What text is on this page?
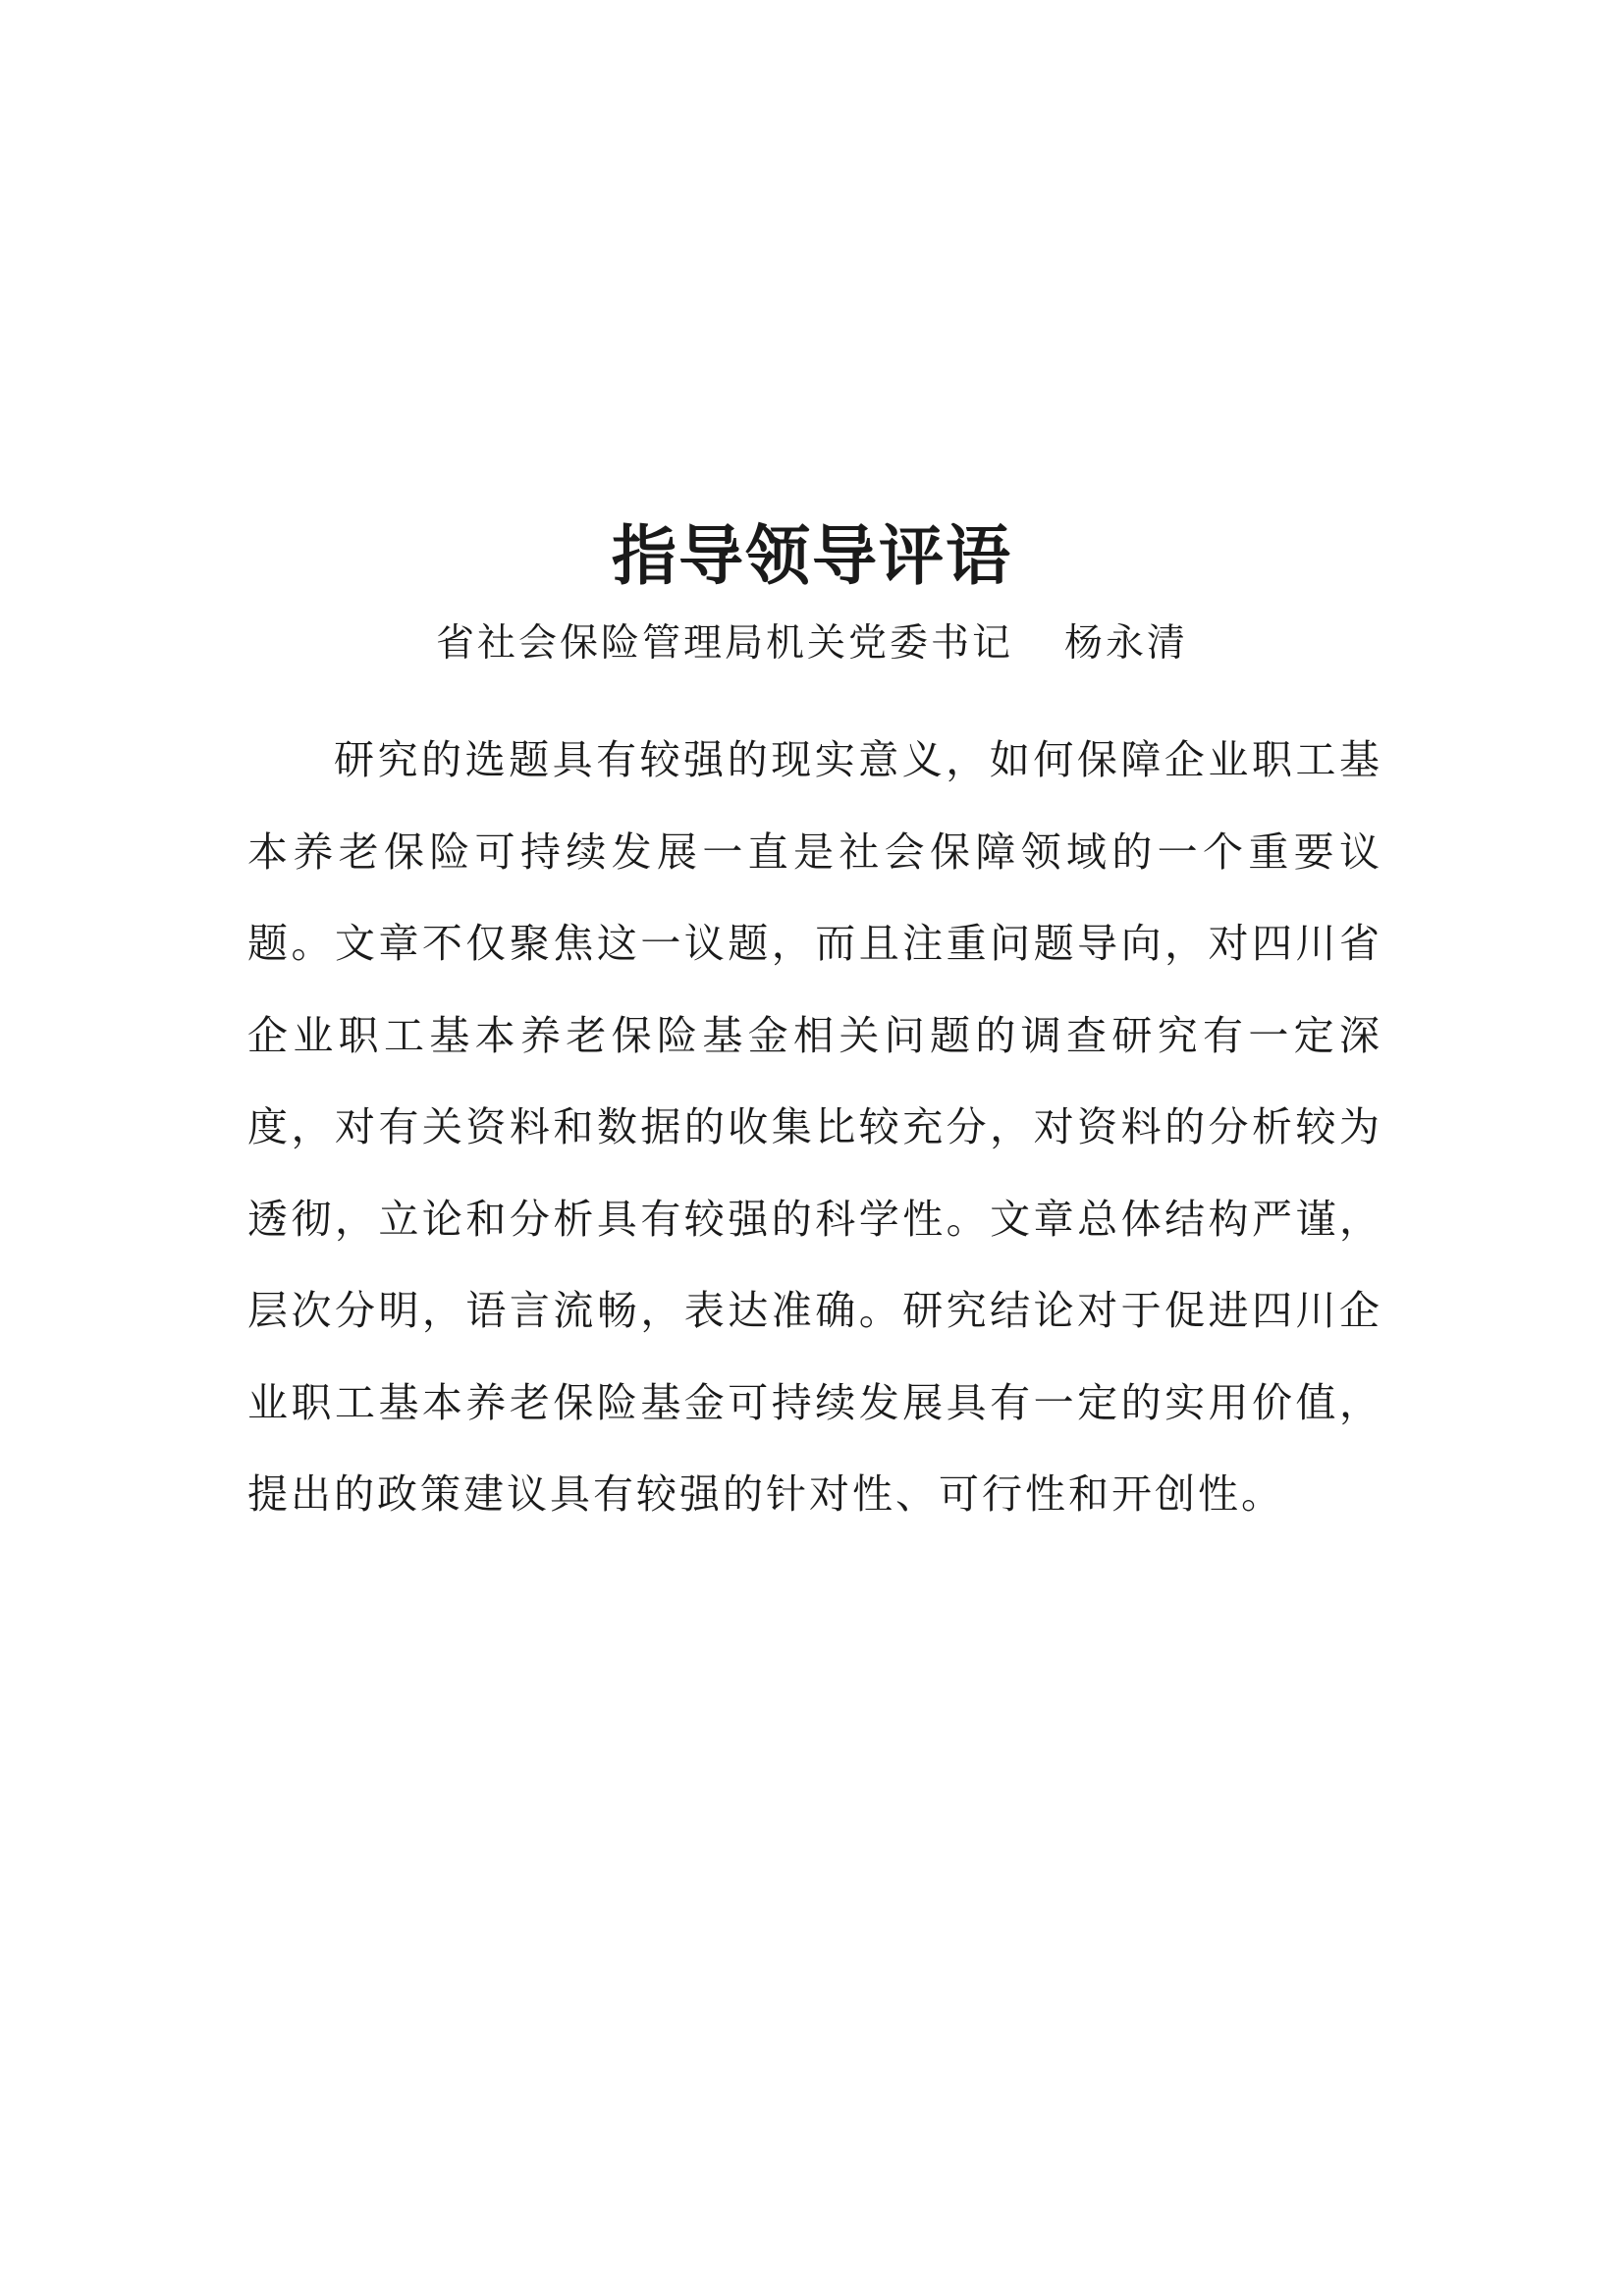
指导领导评语
省社会保险管理局机关党委书记 杨永清

研究的选题具有较强的现实意义，如何保障企业职工基本养老保险可持续发展一直是社会保障领域的一个重要议题。文章不仅聚焦这一议题，而且注重问题导向，对四川省企业职工基本养老保险基金相关问题的调查研究有一定深度，对有关资料和数据的收集比较充分，对资料的分析较为透彻，立论和分析具有较强的科学性。文章总体结构严谨，层次分明，语言流畅，表达准确。研究结论对于促进四川企业职工基本养老保险基金可持续发展具有一定的实用价值，提出的政策建议具有较强的针对性、可行性和开创性。
